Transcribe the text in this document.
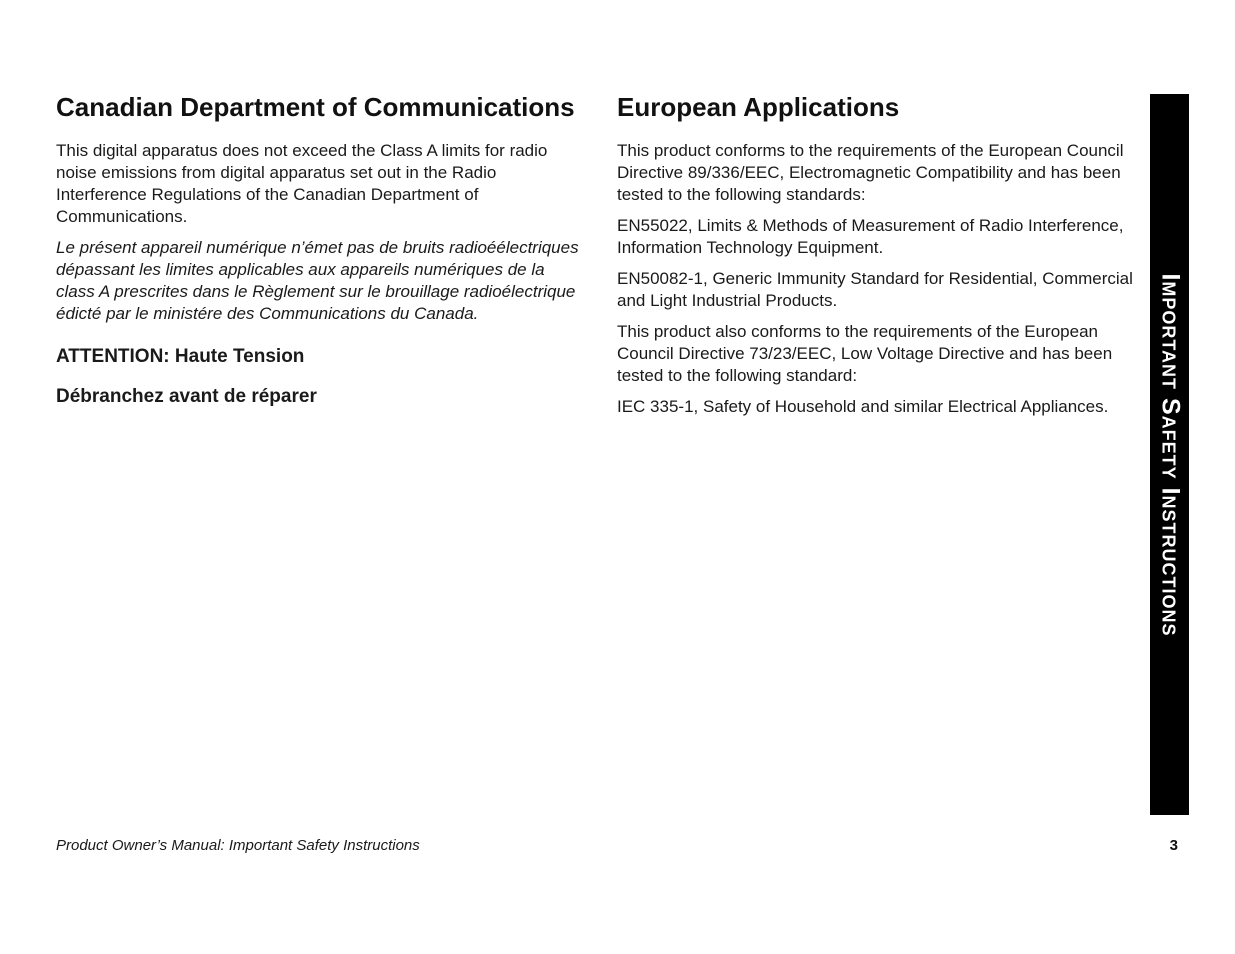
Canadian Department of Communications

This digital apparatus does not exceed the Class A limits for radio noise emissions from digital apparatus set out in the Radio Interference Regulations of the Canadian Department of Communications.

Le présent appareil numérique n’émet pas de bruits radioéélectriques dépassant les limites applicables aux appareils numériques de la class A prescrites dans le Règlement sur le brouillage radioélectrique édicté par le ministére des Communications du Canada.

ATTENTION: Haute Tension

Débranchez avant de réparer

European Applications

This product conforms to the requirements of the European Council Directive 89/336/EEC, Electromagnetic Compatibility and has been tested to the following standards:

EN55022, Limits & Methods of Measurement of Radio Interference, Information Technology Equipment.

EN50082-1, Generic Immunity Standard for Residential, Commercial and Light Industrial Products.

This product also conforms to the requirements of the European Council Directive 73/23/EEC, Low Voltage Directive and has been tested to the following standard:

IEC 335-1, Safety of Household and similar Electrical Appliances.	Important Safety Instructions
Product Owner’s Manual: Important Safety Instructions	3
